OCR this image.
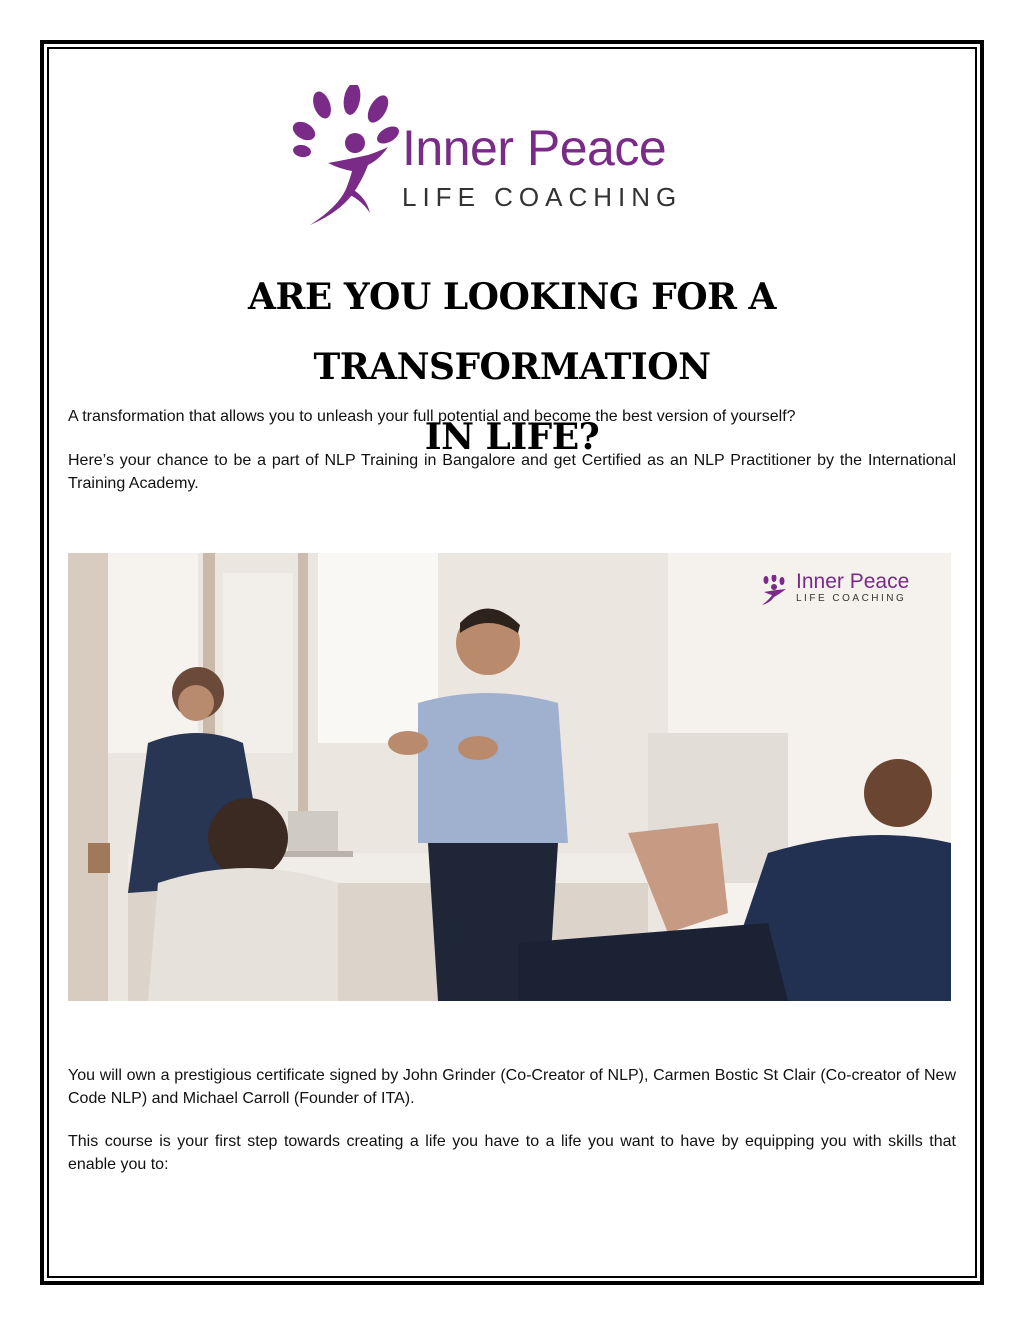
Inner Peace
LIFE COACHING
ARE YOU LOOKING FOR A TRANSFORMATION
IN LIFE?

A transformation that allows you to unleash your full potential and become the best version of yourself?

Here’s your chance to be a part of NLP Training in Bangalore and get Certified as an NLP Practitioner by the International Training Academy.

Inner Peace
LIFE COACHING

You will own a prestigious certificate signed by John Grinder (Co-Creator of NLP), Carmen Bostic St Clair (Co-creator of New Code NLP) and Michael Carroll (Founder of ITA).

This course is your first step towards creating a life you have to a life you want to have by equipping you with skills that enable you to:
